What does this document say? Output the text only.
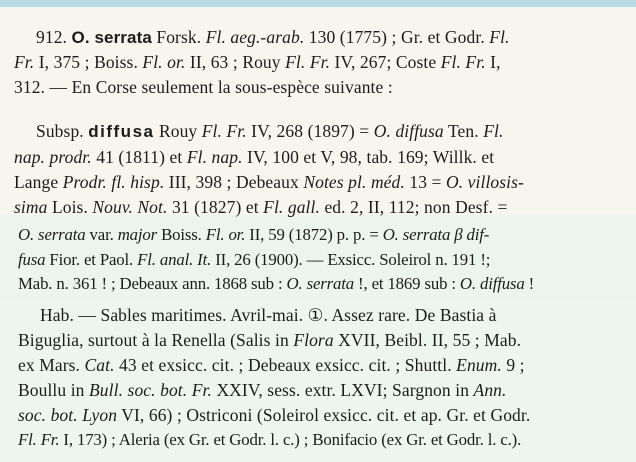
912. O. serrata Forsk. Fl. aeg.-arab. 130 (1775) ; Gr. et Godr. Fl.
Fr. I, 375 ; Boiss. Fl. or. II, 63 ; Rouy Fl. Fr. IV, 267; Coste Fl. Fr. I,
312. — En Corse seulement la sous-espèce suivante :
Subsp. diffusa Rouy Fl. Fr. IV, 268 (1897) = O. diffusa Ten. Fl.
nap. prodr. 41 (1811) et Fl. nap. IV, 100 et V, 98, tab. 169; Willk. et
Lange Prodr. fl. hisp. III, 398 ; Debeaux Notes pl. méd. 13 = O. villosis-
sima Lois. Nouv. Not. 31 (1827) et Fl. gall. ed. 2, II, 112; non Desf. =
O. serrata var. major Boiss. Fl. or. II, 59 (1872) p. p. = O. serrata β dif-
fusa Fior. et Paol. Fl. anal. It. II, 26 (1900). — Exsicc. Soleirol n. 191 !;
Mab. n. 361 ! ; Debeaux ann. 1868 sub : O. serrata !, et 1869 sub : O. diffusa !
Hab. — Sables maritimes. Avril-mai. ①. Assez rare. De Bastia à
Biguglia, surtout à la Renella (Salis in Flora XVII, Beibl. II, 55 ; Mab.
ex Mars. Cat. 43 et exsicc. cit. ; Debeaux exsicc. cit. ; Shuttl. Enum. 9 ;
Boullu in Bull. soc. bot. Fr. XXIV, sess. extr. LXVI; Sargnon in Ann.
soc. bot. Lyon VI, 66) ; Ostriconi (Soleirol exsicc. cit. et ap. Gr. et Godr.
Fl. Fr. I, 173) ; Aleria (ex Gr. et Godr. l. c.) ; Bonifacio (ex Gr. et Godr. l. c.).
